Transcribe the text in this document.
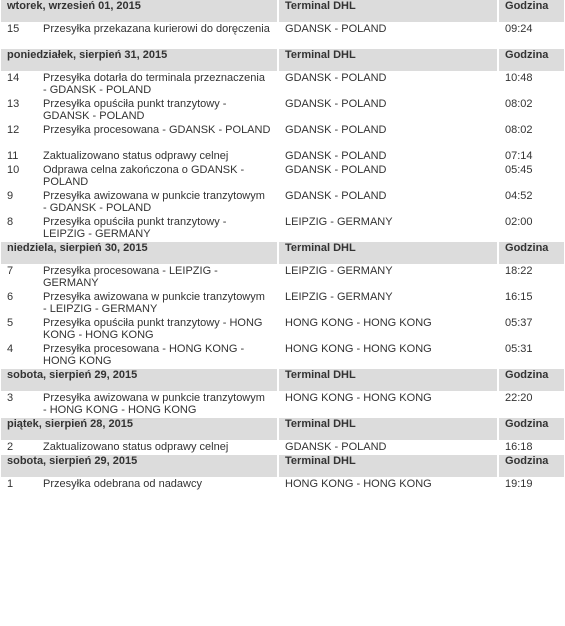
wtorek, wrzesień 01, 2015		Terminal DHL	Godzina
15	Przesyłka przekazana kurierowi do doręczenia	GDANSK - POLAND	09:24
poniedziałek, sierpień 31, 2015		Terminal DHL	Godzina
14	Przesyłka dotarła do terminala przeznaczenia - GDANSK - POLAND	GDANSK - POLAND	10:48
13	Przesyłka opuściła punkt tranzytowy - GDANSK - POLAND	GDANSK - POLAND	08:02
12	Przesyłka procesowana - GDANSK - POLAND	GDANSK - POLAND	08:02
11	Zaktualizowano status odprawy celnej	GDANSK - POLAND	07:14
10	Odprawa celna zakończona o GDANSK - POLAND	GDANSK - POLAND	05:45
9	Przesyłka awizowana w punkcie tranzytowym - GDANSK - POLAND	GDANSK - POLAND	04:52
8	Przesyłka opuściła punkt tranzytowy - LEIPZIG - GERMANY	LEIPZIG - GERMANY	02:00
niedziela, sierpień 30, 2015		Terminal DHL	Godzina
7	Przesyłka procesowana - LEIPZIG - GERMANY	LEIPZIG - GERMANY	18:22
6	Przesyłka awizowana w punkcie tranzytowym - LEIPZIG - GERMANY	LEIPZIG - GERMANY	16:15
5	Przesyłka opuściła punkt tranzytowy - HONG KONG - HONG KONG	HONG KONG - HONG KONG	05:37
4	Przesyłka procesowana - HONG KONG - HONG KONG	HONG KONG - HONG KONG	05:31
sobota, sierpień 29, 2015		Terminal DHL	Godzina
3	Przesyłka awizowana w punkcie tranzytowym - HONG KONG - HONG KONG	HONG KONG - HONG KONG	22:20
piątek, sierpień 28, 2015		Terminal DHL	Godzina
2	Zaktualizowano status odprawy celnej	GDANSK - POLAND	16:18
sobota, sierpień 29, 2015		Terminal DHL	Godzina
1	Przesyłka odebrana od nadawcy	HONG KONG - HONG KONG	19:19
